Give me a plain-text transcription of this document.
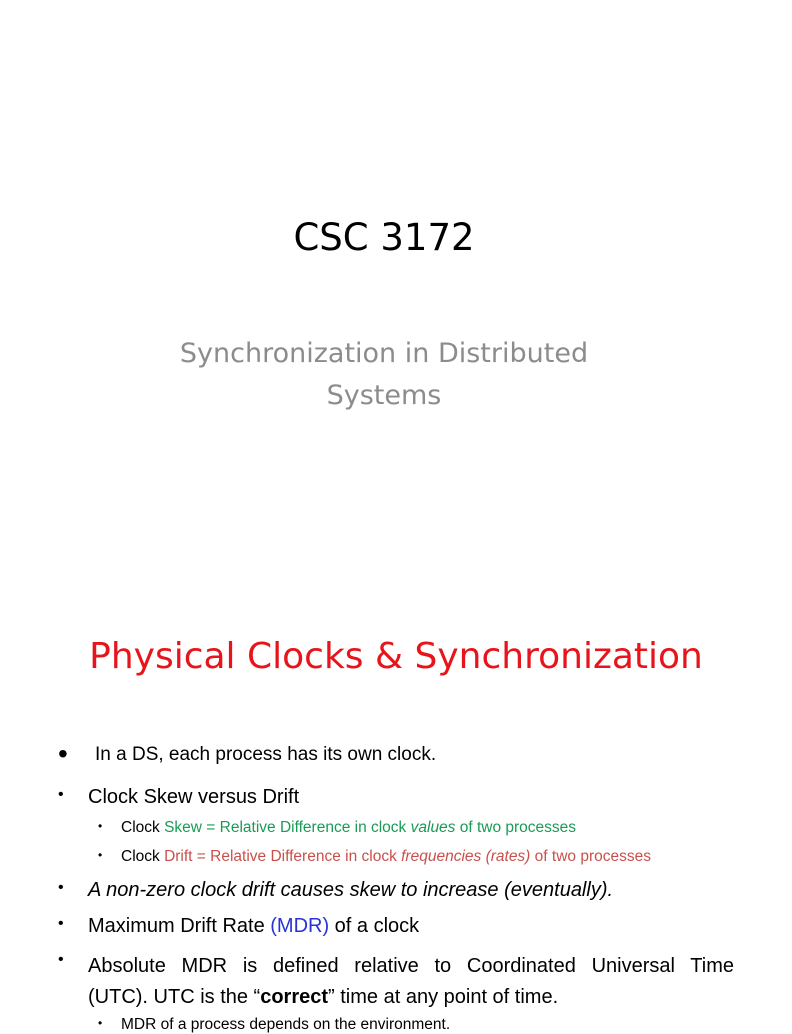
CSC 3172
Synchronization in Distributed
Systems
Physical Clocks & Synchronization
• In a DS, each process has its own clock.
• Clock Skew versus Drift
• Clock Skew = Relative Difference in clock values of two processes
• Clock Drift = Relative Difference in clock frequencies (rates) of two processes
• A non-zero clock drift causes skew to increase (eventually).
• Maximum Drift Rate (MDR) of a clock
• Absolute MDR is defined relative to Coordinated Universal Time
(UTC). UTC is the “correct” time at any point of time.
• MDR of a process depends on the environment.
